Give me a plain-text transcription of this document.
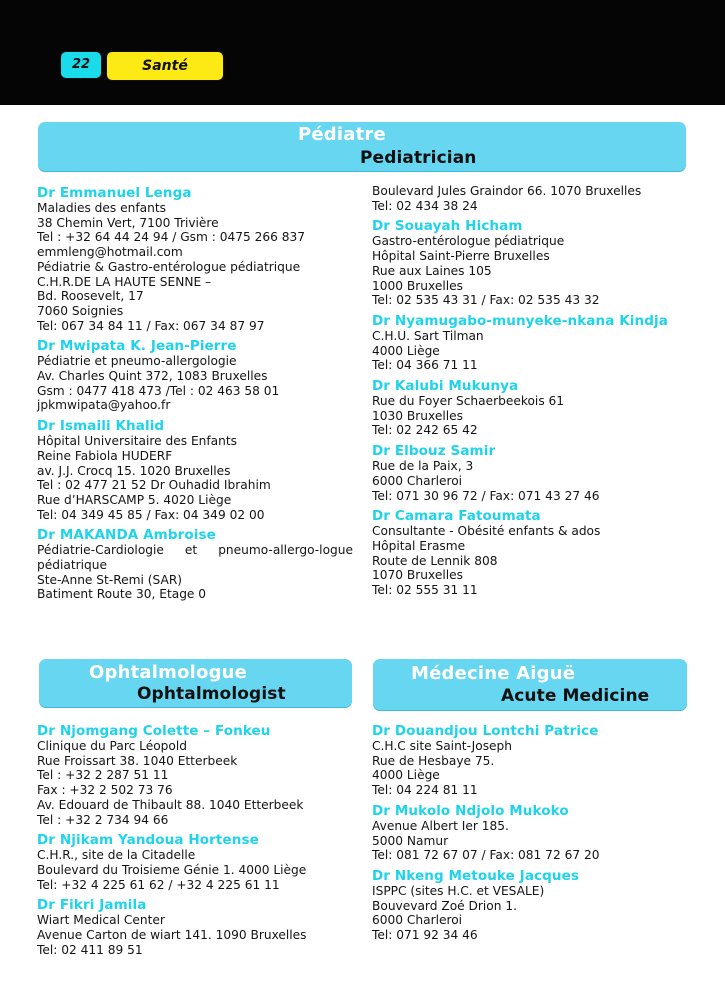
22	Santé
Pédiatre
Pediatrician
Dr Emmanuel Lenga
Maladies des enfants
38 Chemin Vert, 7100 Trivière
Tel : +32 64 44 24 94 / Gsm : 0475 266 837
emmleng@hotmail.com
Pédiatrie & Gastro-entérologue pédiatrique
C.H.R.DE LA HAUTE SENNE –
Bd. Roosevelt, 17
7060 Soignies
Tel: 067 34 84 11 / Fax: 067 34 87 97
Dr Mwipata K. Jean-Pierre
Pédiatrie et pneumo-allergologie
Av. Charles Quint 372, 1083 Bruxelles
Gsm : 0477 418 473 /Tel : 02 463 58 01
jpkmwipata@yahoo.fr
Dr Ismaili Khalid
Hôpital Universitaire des Enfants
Reine Fabiola HUDERF
av. J.J. Crocq 15. 1020 Bruxelles
Tel : 02 477 21 52 Dr Ouhadid Ibrahim
Rue d’HARSCAMP 5. 4020 Liège
Tel: 04 349 45 85 / Fax: 04 349 02 00
Dr MAKANDA Ambroise
Pédiatrie-Cardiologie et pneumo-allergo-logue pédiatrique
Ste-Anne St-Remi (SAR)
Batiment Route 30, Etage 0
Boulevard Jules Graindor 66. 1070 Bruxelles
Tel: 02 434 38 24
Dr Souayah Hicham
Gastro-entérologue pédiatrique
Hôpital Saint-Pierre Bruxelles
Rue aux Laines 105
1000 Bruxelles
Tel: 02 535 43 31 / Fax: 02 535 43 32
Dr Nyamugabo-munyeke-nkana Kindja
C.H.U. Sart Tilman
4000 Liège
Tel: 04 366 71 11
Dr Kalubi Mukunya
Rue du Foyer Schaerbeekois 61
1030 Bruxelles
Tel: 02 242 65 42
Dr Elbouz Samir
Rue de la Paix, 3
6000 Charleroi
Tel: 071 30 96 72 / Fax: 071 43 27 46
Dr Camara Fatoumata
Consultante - Obésité enfants & ados
Hôpital Erasme
Route de Lennik 808
1070 Bruxelles
Tel: 02 555 31 11
Ophtalmologue
Ophtalmologist
Médecine Aiguë
Acute Medicine
Dr Njomgang Colette – Fonkeu
Clinique du Parc Léopold
Rue Froissart 38. 1040 Etterbeek
Tel : +32 2 287 51 11
Fax : +32 2 502 73 76
Av. Edouard de Thibault 88. 1040 Etterbeek
Tel : +32 2 734 94 66
Dr Njikam Yandoua Hortense
C.H.R., site de la Citadelle
Boulevard du Troisieme Génie 1. 4000 Liège
Tel: +32 4 225 61 62 / +32 4 225 61 11
Dr Fikri Jamila
Wiart Medical Center
Avenue Carton de wiart 141. 1090 Bruxelles
Tel: 02 411 89 51
Dr Douandjou Lontchi Patrice
C.H.C site Saint-Joseph
Rue de Hesbaye 75.
4000 Liège
Tel: 04 224 81 11
Dr Mukolo Ndjolo Mukoko
Avenue Albert Ier 185.
5000 Namur
Tel: 081 72 67 07 / Fax: 081 72 67 20
Dr Nkeng Metouke Jacques
ISPPC (sites H.C. et VESALE)
Bouvevard Zoé Drion 1.
6000 Charleroi
Tel: 071 92 34 46
